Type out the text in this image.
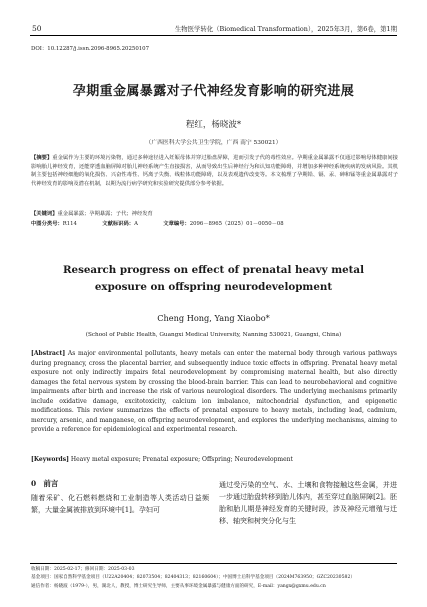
50	生物医学转化（Biomedical Transformation），2025年3月，第6卷，第1期
DOI：10.12287/j.issn.2096-8965.20250107
孕期重金属暴露对子代神经发育影响的研究进展
程红，杨晓波*
（广西医科大学公共卫生学院，广西 南宁 530021）
【摘要】重金属作为主要的环境污染物，通过多种途径进入妊娠母体并穿过胎盘屏障，进而引发子代的毒性效应。孕期重金属暴露不仅通过影响母体健康间接影响胎儿神经发育，还能穿透血脑屏障对胎儿神经系统产生直接损害，从而导致出生后神经行为和认知功能障碍，并增加多种神经系统疾病的发病风险。其机制主要包括神经细胞的氧化损伤、兴奋性毒性、钙离子失衡、线粒体功能障碍，以及表观遗传改变等。本文梳理了孕期铅、镉、汞、砷和锰等重金属暴露对子代神经发育的影响及潜在机制，以期为流行病学研究和实验研究提供部分参考依据。
【关键词】重金属暴露；孕期暴露；子代；神经发育
中图分类号：R114	文献标识码：A	文章编号：2096－8965（2025）01－0050－08
Research progress on effect of prenatal heavy metal
exposure on offspring neurodevelopment
Cheng Hong, Yang Xiaobo*
(School of Public Health, Guangxi Medical University, Nanning 530021, Guangxi, China)
[Abstract] As major environmental pollutants, heavy metals can enter the maternal body through various pathways during pregnancy, cross the placental barrier, and subsequently induce toxic effects in offspring. Prenatal heavy metal exposure not only indirectly impairs fetal neurodevelopment by compromising maternal health, but also directly damages the fetal nervous system by crossing the blood-brain barrier. This can lead to neurobehavioral and cognitive impairments after birth and increase the risk of various neurological disorders. The underlying mechanisms primarily include oxidative damage, excitotoxicity, calcium ion imbalance, mitochondrial dysfunction, and epigenetic modifications. This review summarizes the effects of prenatal exposure to heavy metals, including lead, cadmium, mercury, arsenic, and manganese, on offspring neurodevelopment, and explores the underlying mechanisms, aiming to provide a reference for epidemiological and experimental research.
[Keywords] Heavy metal exposure; Prenatal exposure; Offspring; Neurodevelopment
0　前言
随着采矿、化石燃料燃烧和工业制造等人类活动日益频繁，大量金属被排放到环境中[1]。孕妇可
通过受污染的空气、水、土壤和食物接触这些金属，并进一步通过胎盘转移到胎儿体内，甚至穿过血脑屏障[2]。胚胎和胎儿期是神经发育的关键时段，涉及神经元增殖与迁移、轴突和树突分化与生
收稿日期：2025-02-17；修回日期：2025-03-03
基金项目：国家自然科学基金项目（U22A20404；82073504；82404313；82160604）；中国博士后科学基金项目（2024M763950；GZC20230582）
通信作者：杨晓波（1979-），男，湖北人，教授，博士研究生导师，主要从事环境金属暴露与健康方面的研究，E-mail：yangx@gxmu.edu.cn
